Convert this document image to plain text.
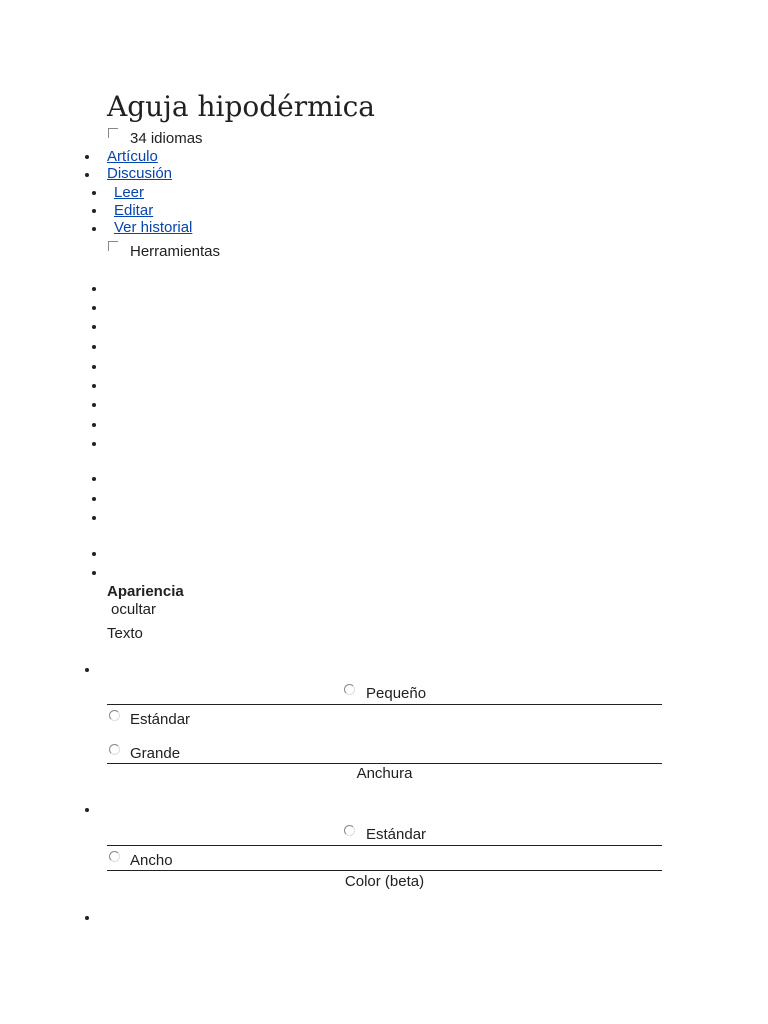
Aguja hipodérmica
34 idiomas
Artículo
Discusión
Leer
Editar
Ver historial
Herramientas
Apariencia
ocultar
Texto
Pequeño
Estándar
Grande
Anchura
Estándar
Ancho
Color (beta)
